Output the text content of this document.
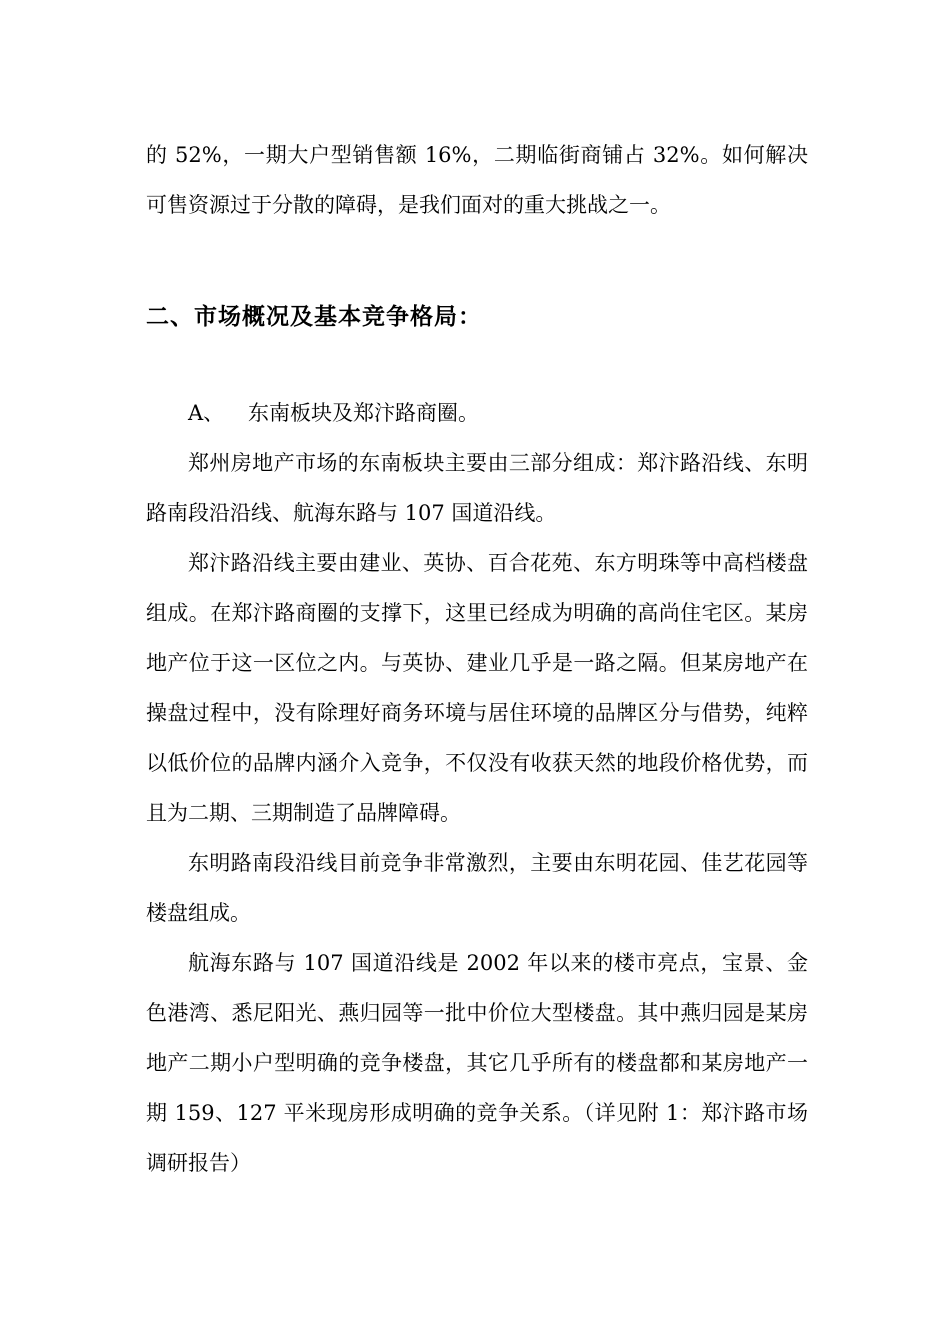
的 52%，一期大户型销售额 16%，二期临街商铺占 32%。如何解决可售资源过于分散的障碍，是我们面对的重大挑战之一。

二、市场概况及基本竞争格局：
A、 东南板块及郑汴路商圈。

郑州房地产市场的东南板块主要由三部分组成：郑汴路沿线、东明路南段沿沿线、航海东路与 107 国道沿线。

郑汴路沿线主要由建业、英协、百合花苑、东方明珠等中高档楼盘组成。在郑汴路商圈的支撑下，这里已经成为明确的高尚住宅区。某房地产位于这一区位之内。与英协、建业几乎是一路之隔。但某房地产在操盘过程中，没有除理好商务环境与居住环境的品牌区分与借势，纯粹以低价位的品牌内涵介入竞争，不仅没有收获天然的地段价格优势，而且为二期、三期制造了品牌障碍。

东明路南段沿线目前竞争非常激烈，主要由东明花园、佳艺花园等楼盘组成。

航海东路与 107 国道沿线是 2002 年以来的楼市亮点，宝景、金色港湾、悉尼阳光、燕归园等一批中价位大型楼盘。其中燕归园是某房地产二期小户型明确的竞争楼盘，其它几乎所有的楼盘都和某房地产一期 159、127 平米现房形成明确的竞争关系。（详见附 1：郑汴路市场调研报告）
